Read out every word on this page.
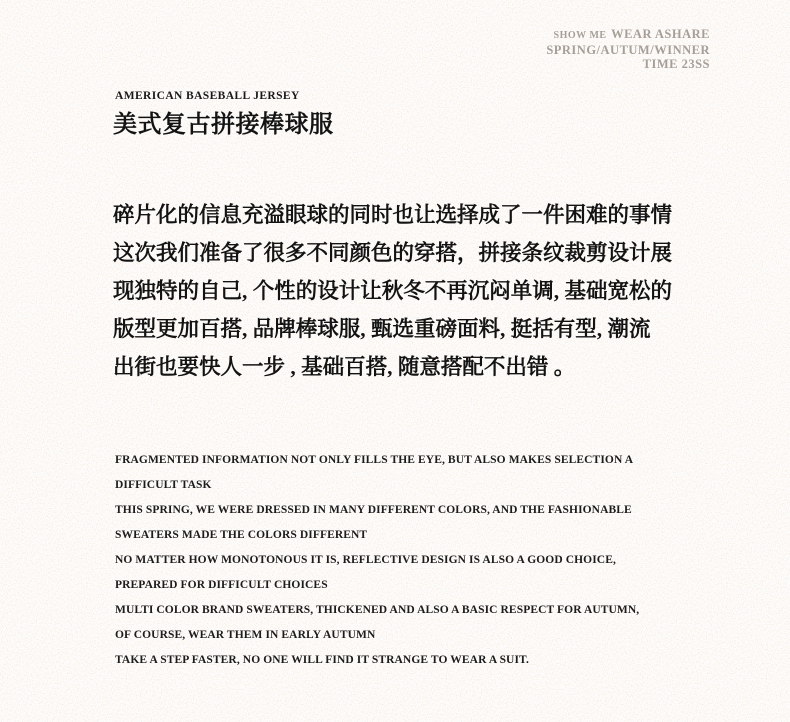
SHOW ME WEAR ASHARE
SPRING/AUTUM/WINNER
TIME 23SS
AMERICAN BASEBALL JERSEY
美式复古拼接棒球服
碎片化的信息充溢眼球的同时也让选择成了一件困难的事情
这次我们准备了很多不同颜色的穿搭，拼接条纹裁剪设计展
现独特的自己, 个性的设计让秋冬不再沉闷单调, 基础宽松的
版型更加百搭, 品牌棒球服, 甄选重磅面料, 挺括有型, 潮流
出街也要快人一步 , 基础百搭, 随意搭配不出错 。
FRAGMENTED INFORMATION NOT ONLY FILLS THE EYE, BUT ALSO MAKES SELECTION A
DIFFICULT TASK
THIS SPRING, WE WERE DRESSED IN MANY DIFFERENT COLORS, AND THE FASHIONABLE
SWEATERS MADE THE COLORS DIFFERENT
NO MATTER HOW MONOTONOUS IT IS, REFLECTIVE DESIGN IS ALSO A GOOD CHOICE,
PREPARED FOR DIFFICULT CHOICES
MULTI COLOR BRAND SWEATERS, THICKENED AND ALSO A BASIC RESPECT FOR AUTUMN,
OF COURSE, WEAR THEM IN EARLY AUTUMN
TAKE A STEP FASTER, NO ONE WILL FIND IT STRANGE TO WEAR A SUIT.
